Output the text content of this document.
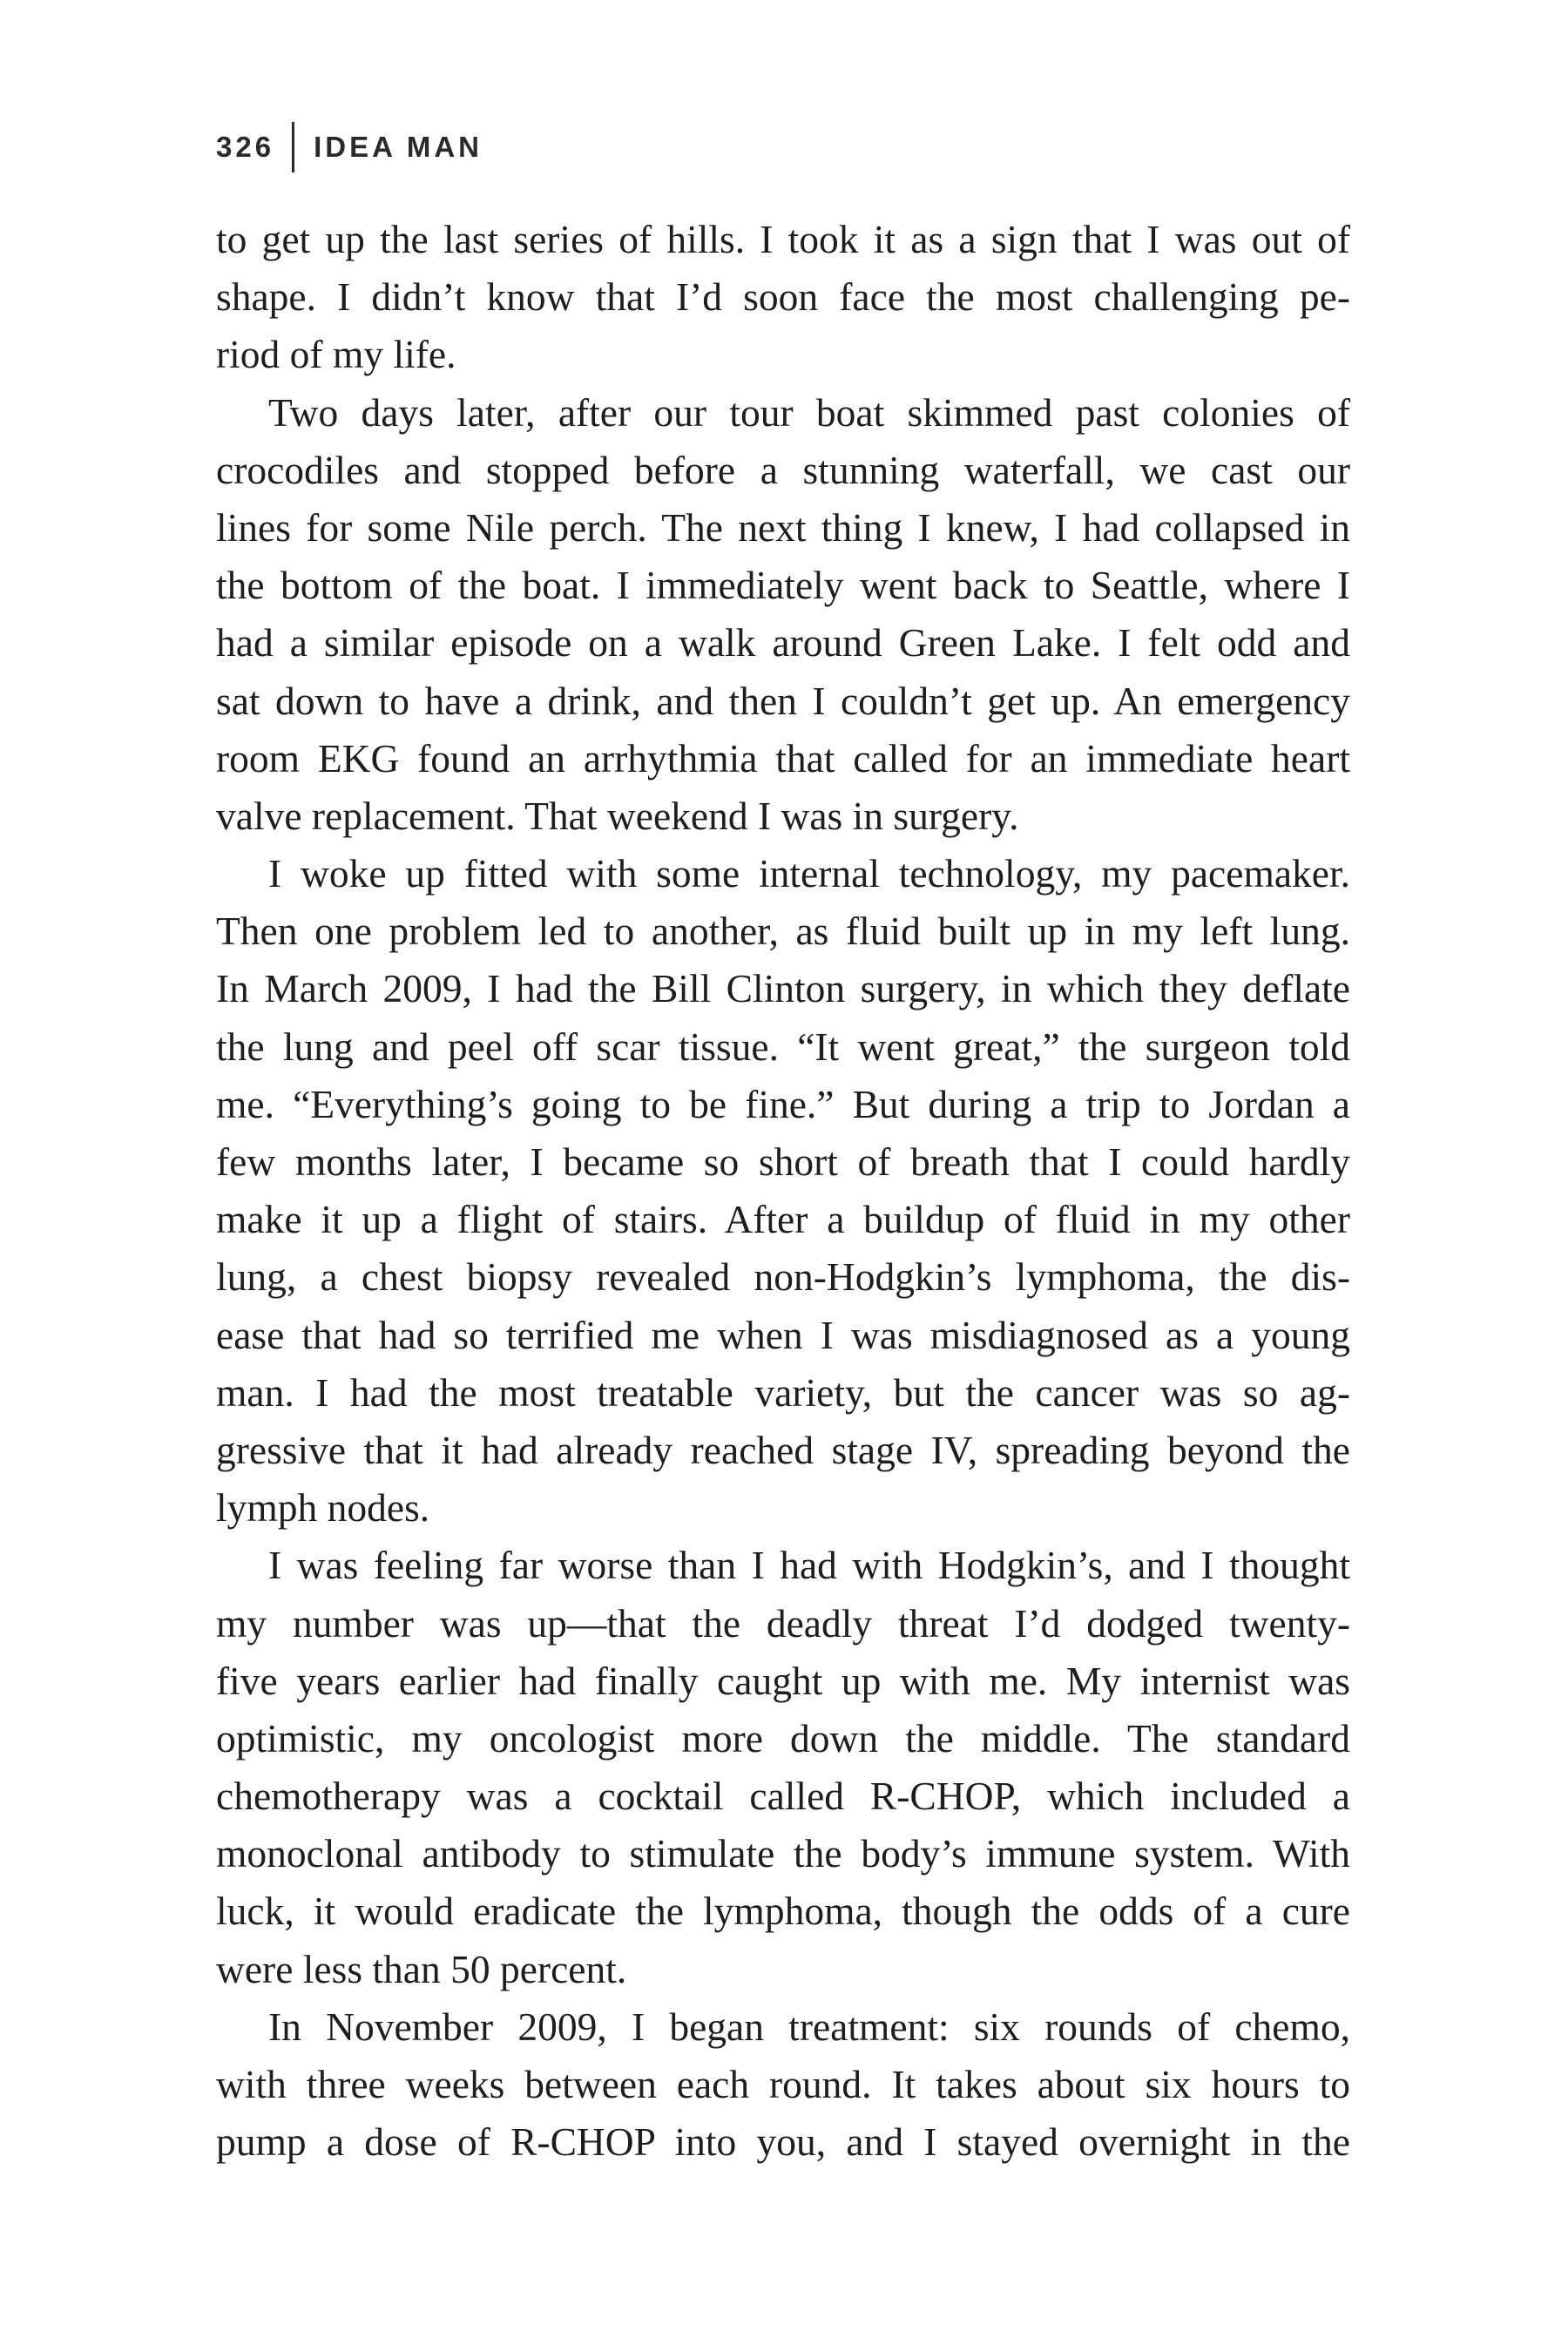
326 IDEA MAN
to get up the last series of hills. I took it as a sign that I was out of
shape. I didn’t know that I’d soon face the most challenging pe-
riod of my life.
Two days later, after our tour boat skimmed past colonies of
crocodiles and stopped before a stunning waterfall, we cast our
lines for some Nile perch. The next thing I knew, I had collapsed in
the bottom of the boat. I immediately went back to Seattle, where I
had a similar episode on a walk around Green Lake. I felt odd and
sat down to have a drink, and then I couldn’t get up. An emergency
room EKG found an arrhythmia that called for an immediate heart
valve replacement. That weekend I was in surgery.
I woke up fitted with some internal technology, my pacemaker.
Then one problem led to another, as fluid built up in my left lung.
In March 2009, I had the Bill Clinton surgery, in which they deflate
the lung and peel off scar tissue. “It went great,” the surgeon told
me. “Everything’s going to be fine.” But during a trip to Jordan a
few months later, I became so short of breath that I could hardly
make it up a flight of stairs. After a buildup of fluid in my other
lung, a chest biopsy revealed non-Hodgkin’s lymphoma, the dis-
ease that had so terrified me when I was misdiagnosed as a young
man. I had the most treatable variety, but the cancer was so ag-
gressive that it had already reached stage IV, spreading beyond the
lymph nodes.
I was feeling far worse than I had with Hodgkin’s, and I thought
my number was up—that the deadly threat I’d dodged twenty-
five years earlier had finally caught up with me. My internist was
optimistic, my oncologist more down the middle. The standard
chemotherapy was a cocktail called R-CHOP, which included a
monoclonal antibody to stimulate the body’s immune system. With
luck, it would eradicate the lymphoma, though the odds of a cure
were less than 50 percent.
In November 2009, I began treatment: six rounds of chemo,
with three weeks between each round. It takes about six hours to
pump a dose of R-CHOP into you, and I stayed overnight in the
